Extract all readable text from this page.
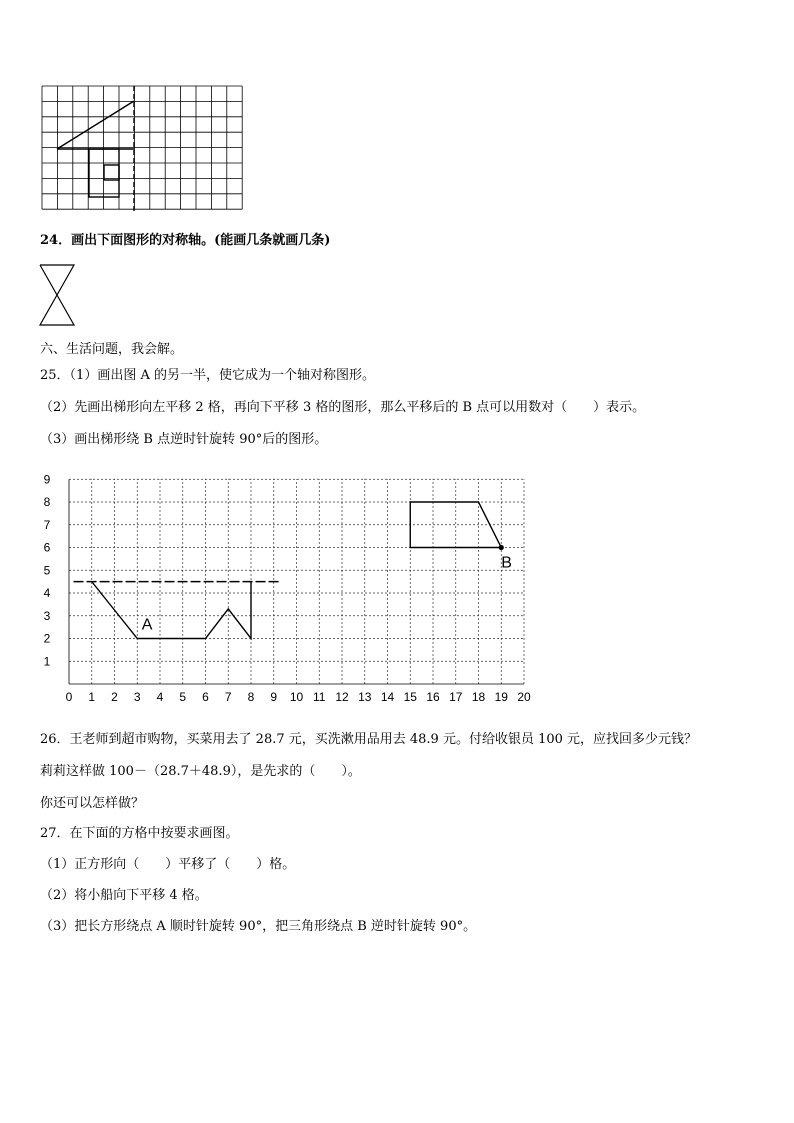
24．画出下面图形的对称轴。(能画几条就画几条)
六、生活问题，我会解。
25．（1）画出图 A 的另一半，使它成为一个轴对称图形。
（2）先画出梯形向左平移 2 格，再向下平移 3 格的图形，那么平移后的 B 点可以用数对（　　）表示。
（3）画出梯形绕 B 点逆时针旋转 90°后的图形。
0 1 2 3 4 5 6 7 8 9 10 11 12 13 14 15 16 17 18 19 20
1
2
3
4
5
6
7
8
9
A
B
26．王老师到超市购物，买菜用去了 28.7 元，买洗漱用品用去 48.9 元。付给收银员 100 元，应找回多少元钱？
莉莉这样做 100－（28.7＋48.9），是先求的（　　）。
你还可以怎样做？
27．在下面的方格中按要求画图。
（1）正方形向（　　）平移了（　　）格。
（2）将小船向下平移 4 格。
（3）把长方形绕点 A 顺时针旋转 90°，把三角形绕点 B 逆时针旋转 90°。
